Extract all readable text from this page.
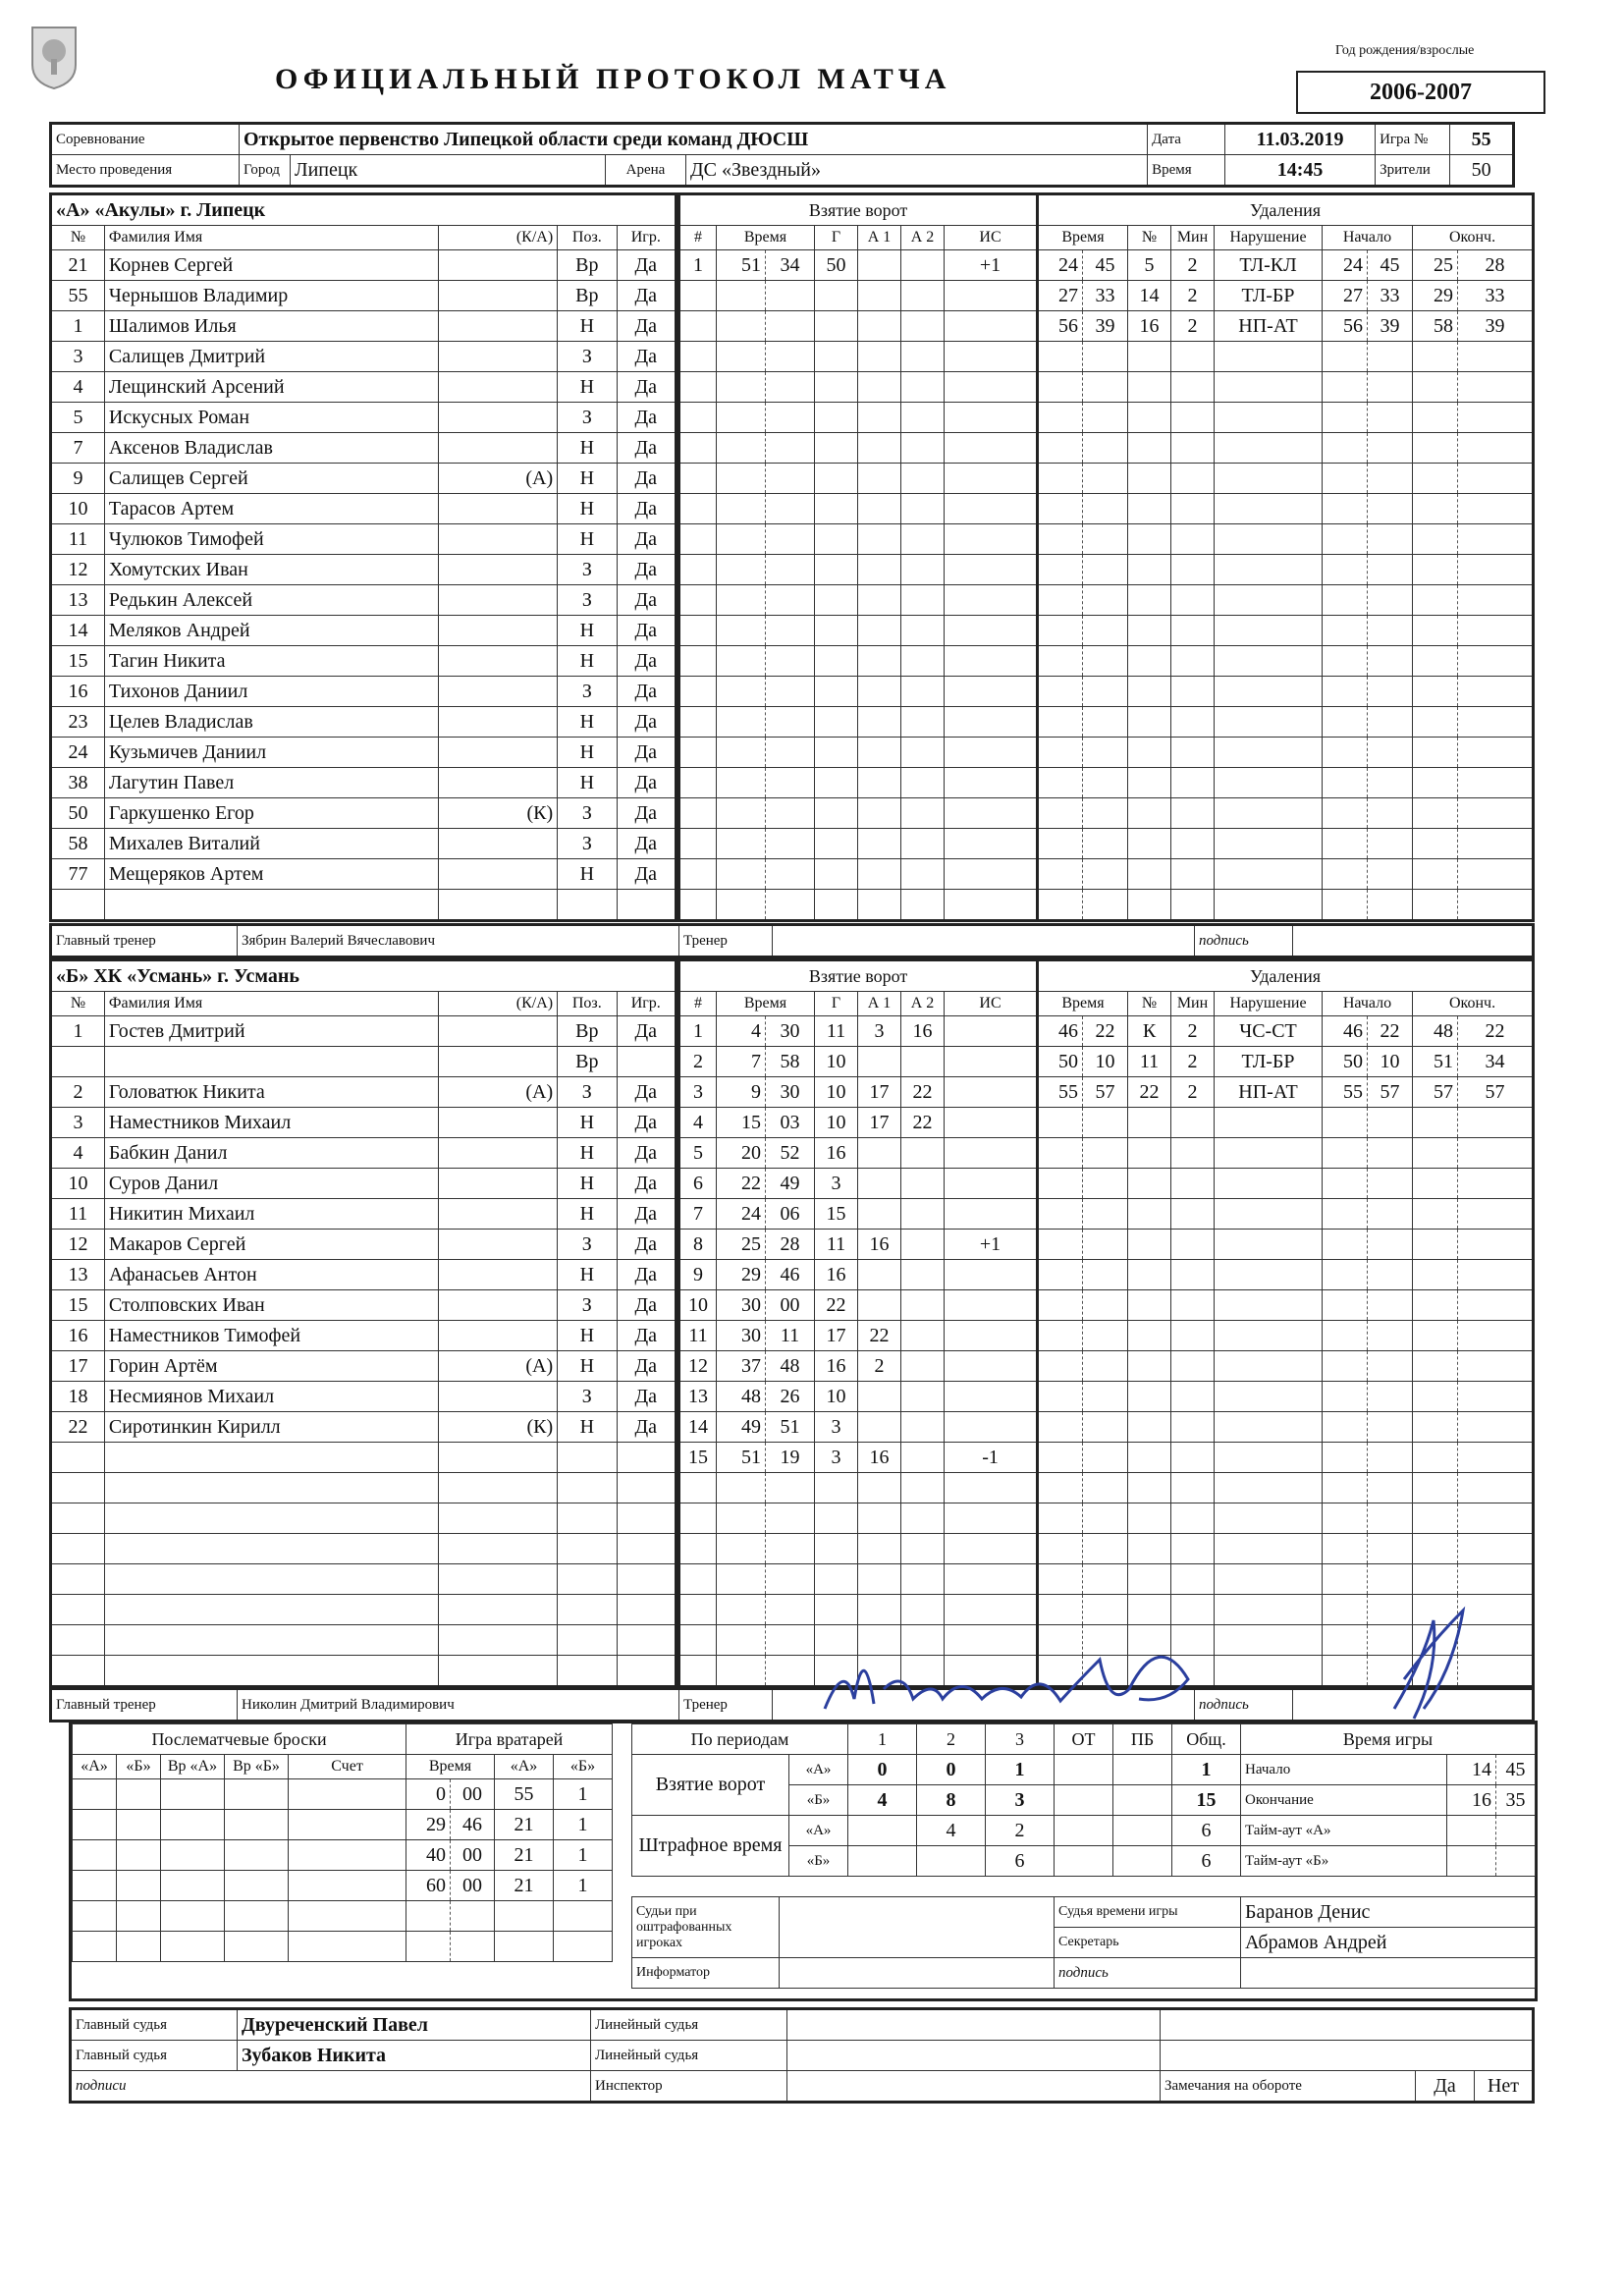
ОФИЦИАЛЬНЫЙ ПРОТОКОЛ МАТЧА
Год рождения/взрослые
2006-2007
Соревнование	Открытое первенство Липецкой области среди команд ДЮСШ				Дата	11.03.2019	Игра №	55
Место проведения	Город	Липецк	Арена	ДС «Звездный»	Время	14:45	Зрители	50
«А» «Акулы» г. Липецк				
№	Фамилия Имя	(К/А)	Поз.	Игр.
21	Корнев Сергей		Вр	Да
55	Чернышов Владимир		Вр	Да
1	Шалимов Илья		Н	Да
3	Салищев Дмитрий		З	Да
4	Лещинский Арсений		Н	Да
5	Искусных Роман		З	Да
7	Аксенов Владислав		Н	Да
9	Салищев Сергей	(А)	Н	Да
10	Тарасов Артем		Н	Да
11	Чулюков Тимофей		Н	Да
12	Хомутских Иван		З	Да
13	Редькин Алексей		З	Да
14	Меляков Андрей		Н	Да
15	Тагин Никита		Н	Да
16	Тихонов Даниил		З	Да
23	Целев Владислав		Н	Да
24	Кузьмичев Даниил		Н	Да
38	Лагутин Павел		Н	Да
50	Гаркушенко Егор	(К)	З	Да
58	Михалев Виталий		З	Да
77	Мещеряков Артем		Н	Да

Взятие ворот						
#	Время		Г	А 1	А 2	ИС
1	51	34	50			+1

Удаления								
Время		№	Мин	Нарушение	Начало		Оконч.	
24	45	5	2	ТЛ-КЛ	24	45	25	28
27	33	14	2	ТЛ-БР	27	33	29	33
56	39	16	2	НП-АТ	56	39	58	39

Главный тренер	Зябрин Валерий Вячеславович	Тренер		подпись	
«Б» ХК «Усмань» г. Усмань				
№	Фамилия Имя	(К/А)	Поз.	Игр.
1	Гостев Дмитрий		Вр	Да
			Вр	
2	Головатюк Никита	(А)	З	Да
3	Наместников Михаил		Н	Да
4	Бабкин Данил		Н	Да
10	Суров Данил		Н	Да
11	Никитин Михаил		Н	Да
12	Макаров Сергей		З	Да
13	Афанасьев Антон		Н	Да
15	Столповских Иван		З	Да
16	Наместников Тимофей		Н	Да
17	Горин Артём	(А)	Н	Да
18	Несмиянов Михаил		З	Да
22	Сиротинкин Кирилл	(К)	Н	Да

Взятие ворот						
#	Время		Г	А 1	А 2	ИС
1	4	30	11	3	16	
2	7	58	10			
3	9	30	10	17	22	
4	15	03	10	17	22	
5	20	52	16			
6	22	49	3			
7	24	06	15			
8	25	28	11	16		+1
9	29	46	16			
10	30	00	22			
11	30	11	17	22		
12	37	48	16	2		
13	48	26	10			
14	49	51	3			
15	51	19	3	16		-1

Удаления								
Время		№	Мин	Нарушение	Начало		Оконч.	
46	22	К	2	ЧС-СТ	46	22	48	22
50	10	11	2	ТЛ-БР	50	10	51	34
55	57	22	2	НП-АТ	55	57	57	57

Главный тренер	Николин Дмитрий Владимирович	Тренер		подпись	
Послематчевые броски				
«А»	«Б»	Вр «А»	Вр «Б»	Счет

Игра вратарей			
Время		«А»	«Б»
0	00	55	1
29	46	21	1
40	00	21	1
60	00	21	1

По периодам		1	2	3	ОТ	ПБ	Общ.
Взятие ворот	«А»	0	0	1			1
	«Б»	4	8	3			15
Штрафное время	«А»		4	2			6
	«Б»			6			6
Время игры		
Начало	14	45
Окончание	16	35
Тайм-аут «А»		
Тайм-аут «Б»		
Судьи при оштрафованных игроках		Судья времени игры	Баранов Денис
		Секретарь	Абрамов Андрей
Информатор		подпись	
Главный судья	Двуреченский Павел	Линейный судья				
Главный судья	Зубаков Никита	Линейный судья				
подписи		Инспектор		Замечания на обороте	Да	Нет
